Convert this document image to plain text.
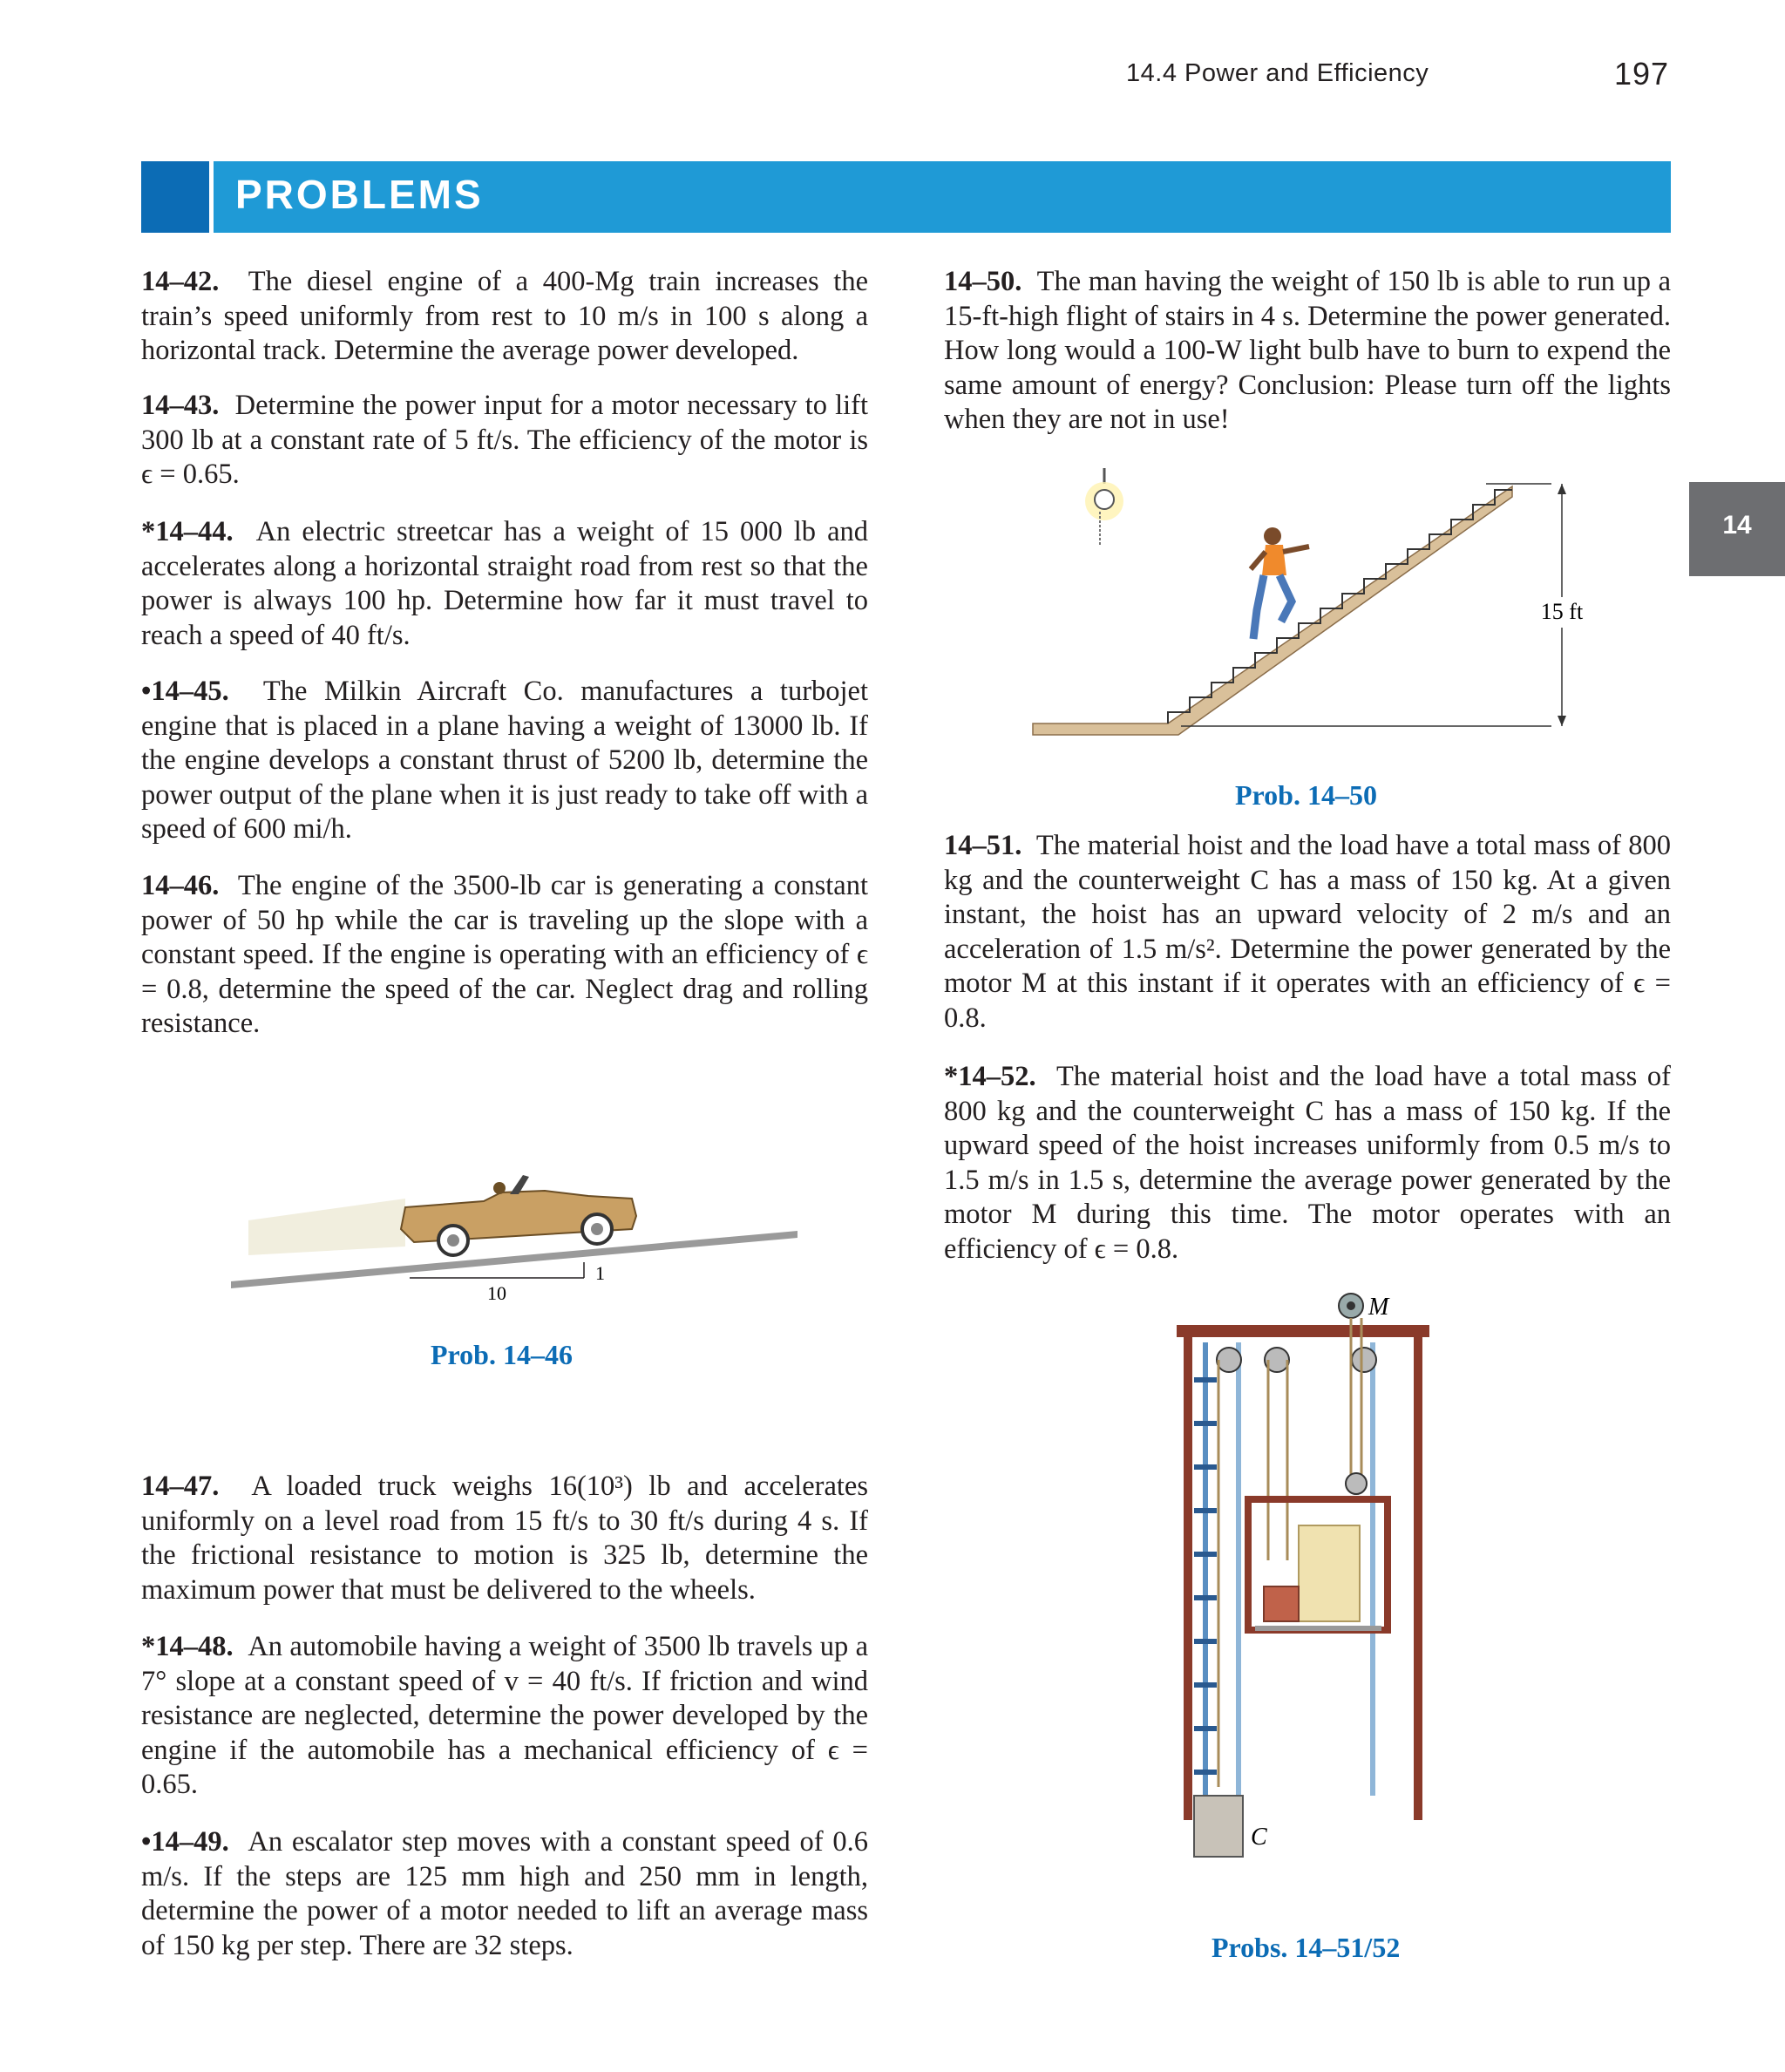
14.4 Power and Efficiency	197
PROBLEMS
14
14–42. The diesel engine of a 400-Mg train increases the train’s speed uniformly from rest to 10 m/s in 100 s along a horizontal track. Determine the average power developed.
14–43. Determine the power input for a motor necessary to lift 300 lb at a constant rate of 5 ft/s. The efficiency of the motor is ϵ = 0.65.
*14–44. An electric streetcar has a weight of 15 000 lb and accelerates along a horizontal straight road from rest so that the power is always 100 hp. Determine how far it must travel to reach a speed of 40 ft/s.
•14–45. The Milkin Aircraft Co. manufactures a turbojet engine that is placed in a plane having a weight of 13000 lb. If the engine develops a constant thrust of 5200 lb, determine the power output of the plane when it is just ready to take off with a speed of 600 mi/h.
14–46. The engine of the 3500-lb car is generating a constant power of 50 hp while the car is traveling up the slope with a constant speed. If the engine is operating with an efficiency of ϵ = 0.8, determine the speed of the car. Neglect drag and rolling resistance.
14–47. A loaded truck weighs 16(10³) lb and accelerates uniformly on a level road from 15 ft/s to 30 ft/s during 4 s. If the frictional resistance to motion is 325 lb, determine the maximum power that must be delivered to the wheels.
*14–48. An automobile having a weight of 3500 lb travels up a 7° slope at a constant speed of v = 40 ft/s. If friction and wind resistance are neglected, determine the power developed by the engine if the automobile has a mechanical efficiency of ϵ = 0.65.
•14–49. An escalator step moves with a constant speed of 0.6 m/s. If the steps are 125 mm high and 250 mm in length, determine the power of a motor needed to lift an average mass of 150 kg per step. There are 32 steps.
14–50. The man having the weight of 150 lb is able to run up a 15-ft-high flight of stairs in 4 s. Determine the power generated. How long would a 100-W light bulb have to burn to expend the same amount of energy? Conclusion: Please turn off the lights when they are not in use!
14–51. The material hoist and the load have a total mass of 800 kg and the counterweight C has a mass of 150 kg. At a given instant, the hoist has an upward velocity of 2 m/s and an acceleration of 1.5 m/s². Determine the power generated by the motor M at this instant if it operates with an efficiency of ϵ = 0.8.
*14–52. The material hoist and the load have a total mass of 800 kg and the counterweight C has a mass of 150 kg. If the upward speed of the hoist increases uniformly from 0.5 m/s to 1.5 m/s in 1.5 s, determine the average power generated by the motor M during this time. The motor operates with an efficiency of ϵ = 0.8.
10
1
Prob. 14–46
15 ft
Prob. 14–50
M
C
Probs. 14–51/52
